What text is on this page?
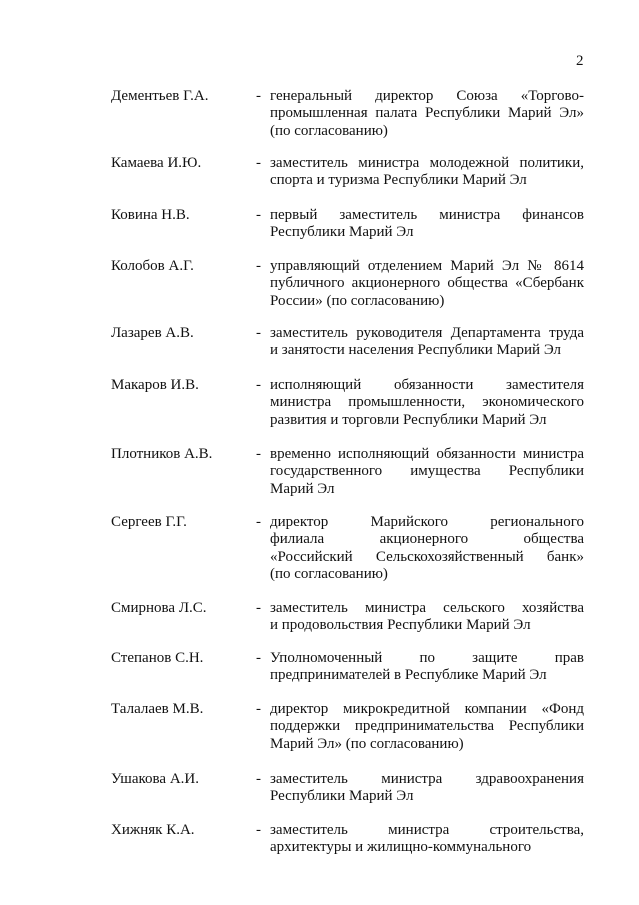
2
Дементьев Г.А.	- генеральный директор Союза «Торгово-
промышленная палата Республики Марий Эл»
(по согласованию)
Камаева И.Ю.	- заместитель министра молодежной политики,
спорта и туризма Республики Марий Эл
Ковина Н.В.	- первый заместитель министра финансов
Республики Марий Эл
Колобов А.Г.	- управляющий отделением Марий Эл № 8614
публичного акционерного общества «Сбербанк
России» (по согласованию)
Лазарев А.В.	- заместитель руководителя Департамента труда
и занятости населения Республики Марий Эл
Макаров И.В.	- исполняющий обязанности заместителя
министра промышленности, экономического
развития и торговли Республики Марий Эл
Плотников А.В.	- временно исполняющий обязанности министра
государственного имущества Республики
Марий Эл
Сергеев Г.Г.	- директор Марийского регионального
филиала акционерного общества
«Российский Сельскохозяйственный банк»
(по согласованию)
Смирнова Л.С.	- заместитель министра сельского хозяйства
и продовольствия Республики Марий Эл
Степанов С.Н.	- Уполномоченный по защите прав
предпринимателей в Республике Марий Эл
Талалаев М.В.	- директор микрокредитной компании «Фонд
поддержки предпринимательства Республики
Марий Эл» (по согласованию)
Ушакова А.И.	- заместитель министра здравоохранения
Республики Марий Эл
Хижняк К.А.	- заместитель министра строительства,
архитектуры и жилищно-коммунального
